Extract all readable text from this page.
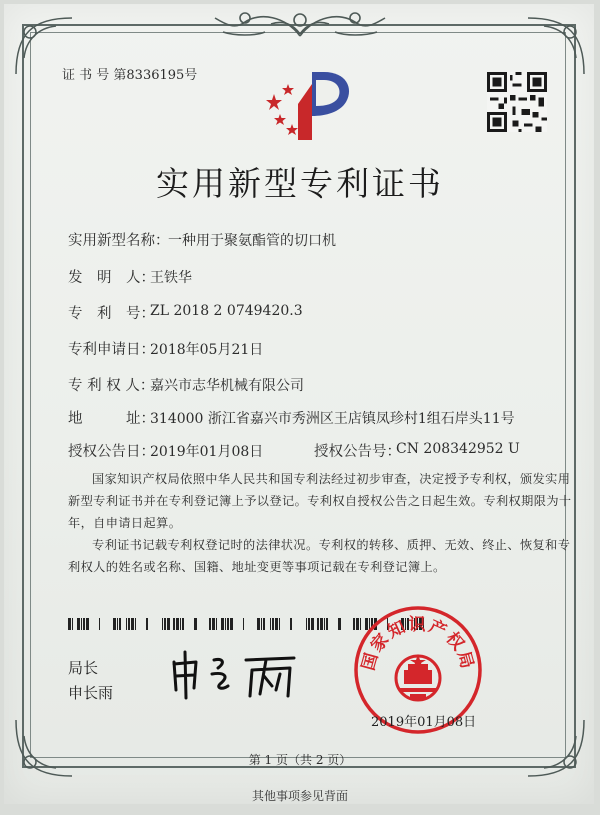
证 书 号 第8336195号
实用新型专利证书
实用新型名称：
一种用于聚氨酯管的切口机
发　明　人：
王铁华
专　利　号：
ZL 2018 2 0749420.3
专利申请日：
2018年05月21日
专 利 权 人：
嘉兴市志华机械有限公司
地　　　址：
314000 浙江省嘉兴市秀洲区王店镇凤珍村1组石岸头11号
授权公告日：
2019年01月08日	授权公告号：
CN 208342952 U
国家知识产权局依照中华人民共和国专利法经过初步审查，决定授予专利权，颁发实用
新型专利证书并在专利登记簿上予以登记。专利权自授权公告之日起生效。专利权期限为十
年，自申请日起算。
专利证书记载专利权登记时的法律状况。专利权的转移、质押、无效、终止、恢复和专
利权人的姓名或名称、国籍、地址变更等事项记载在专利登记簿上。
局长
申长雨
国家知识产权局
2019年01月08日
第 1 页（共 2 页）
其他事项参见背面
